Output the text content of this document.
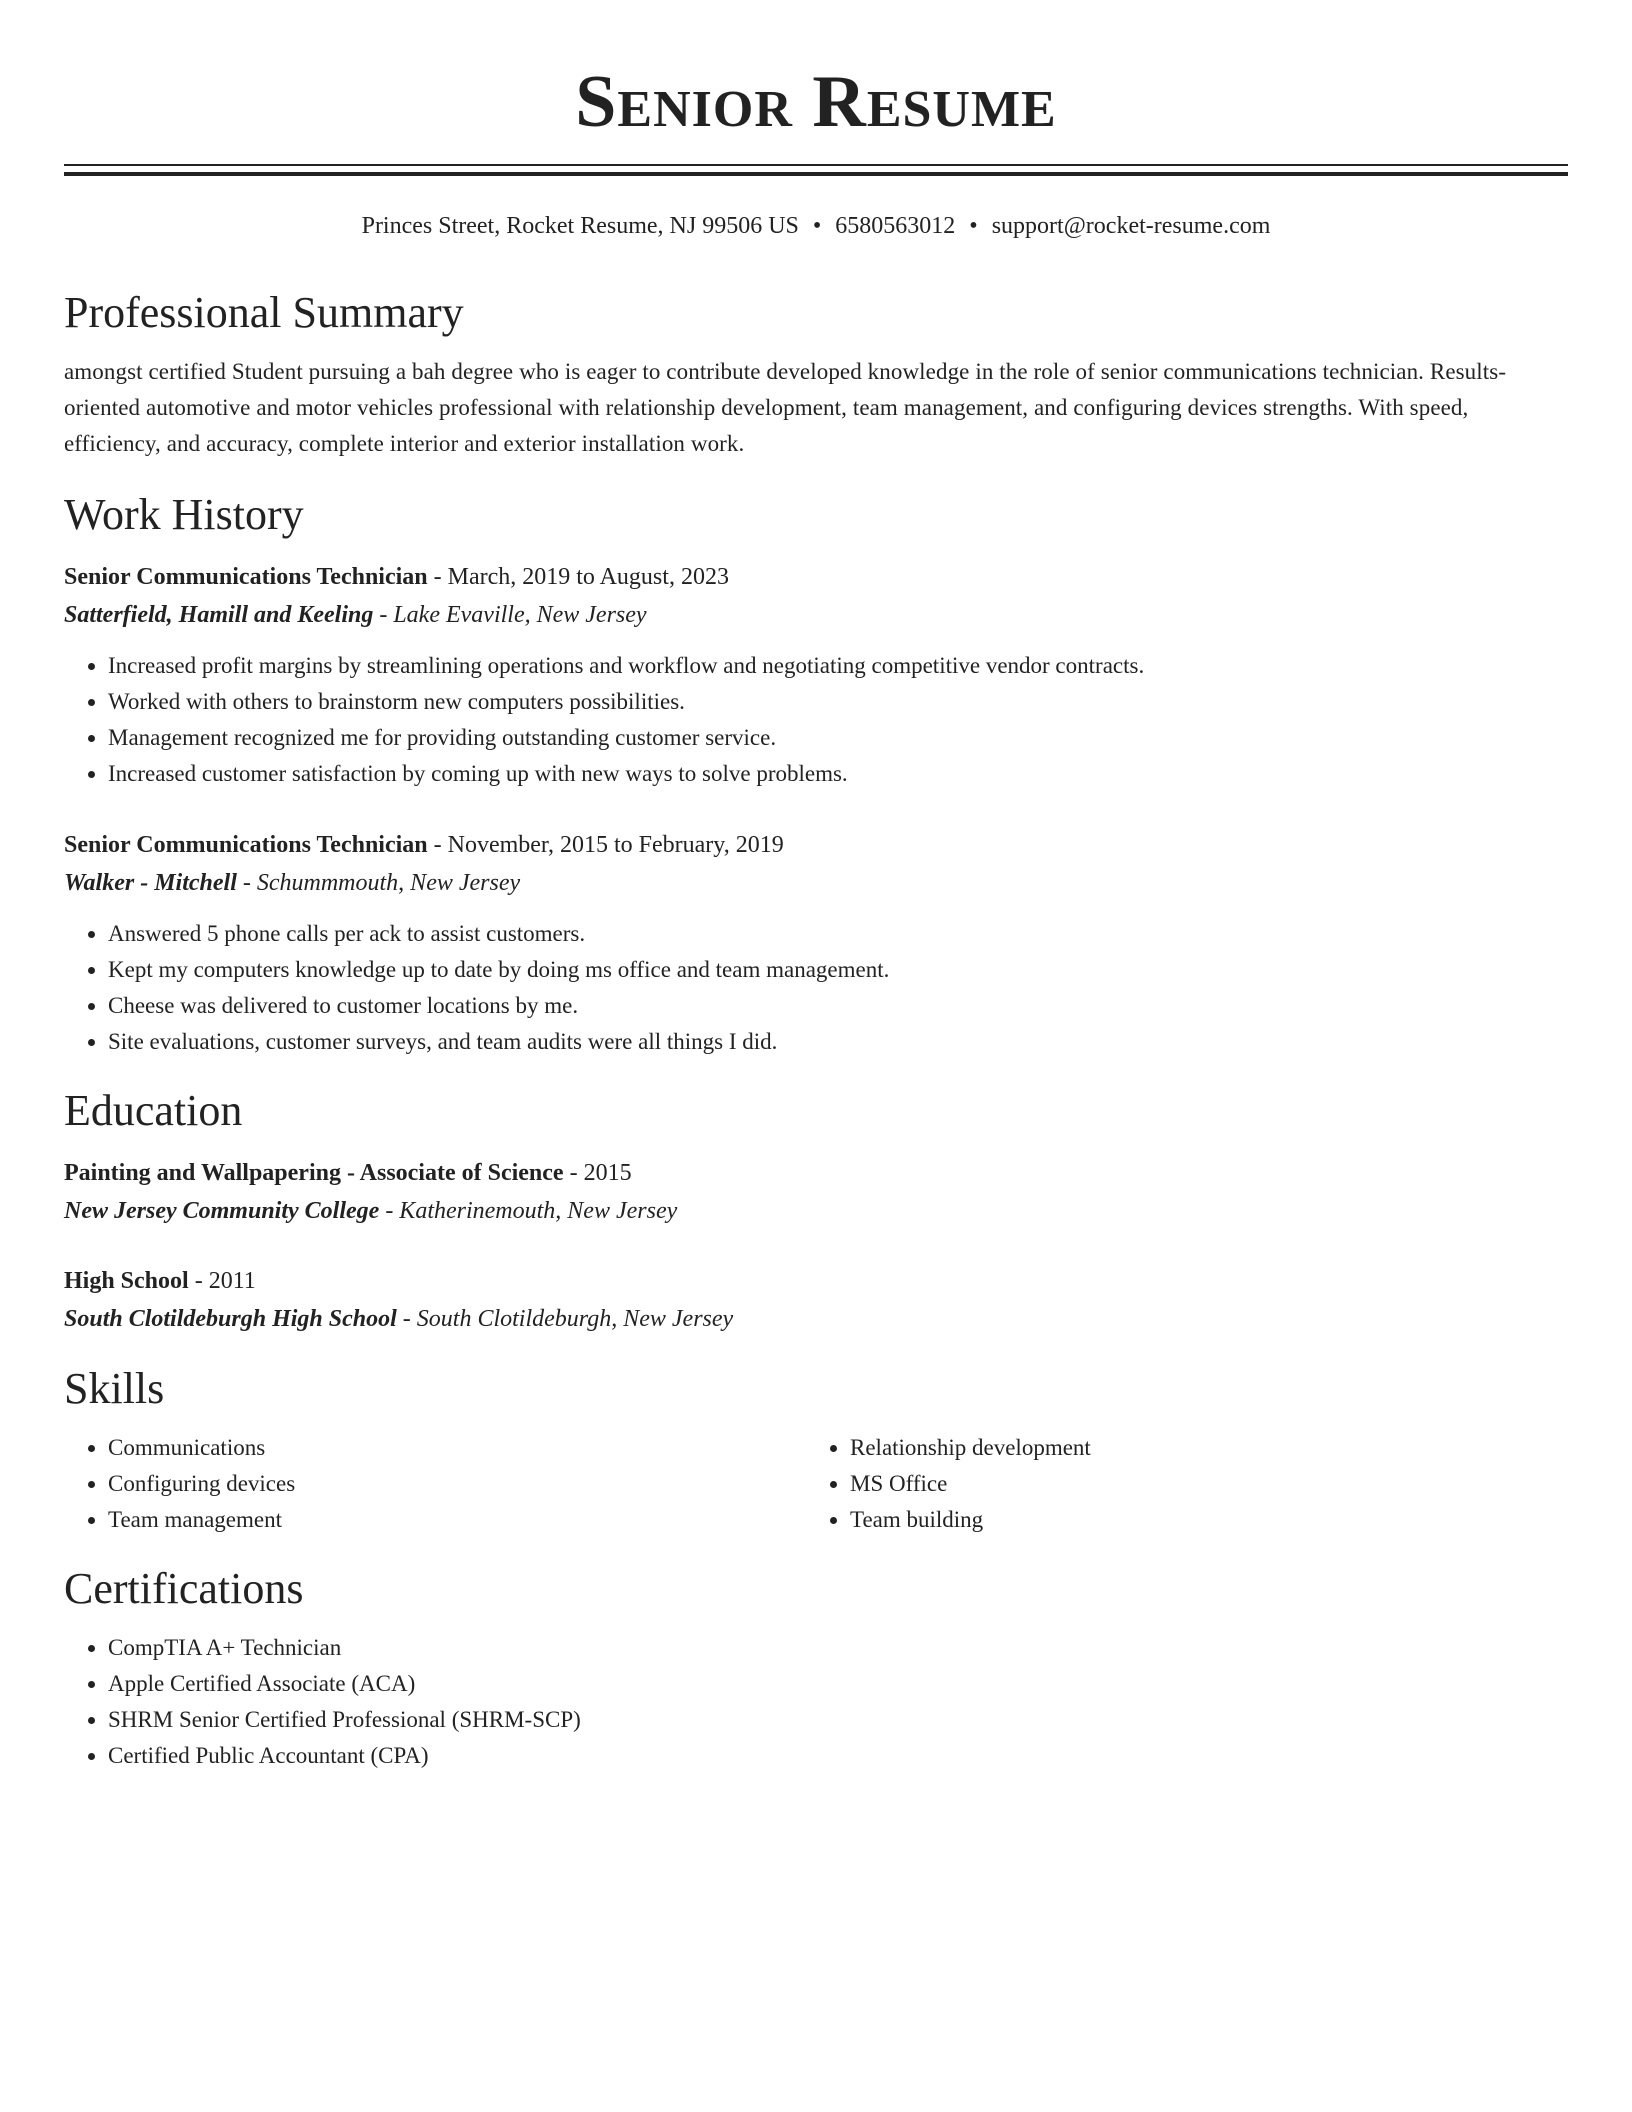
Senior Resume
Princes Street, Rocket Resume, NJ 99506 US • 6580563012 • support@rocket-resume.com
Professional Summary
amongst certified Student pursuing a bah degree who is eager to contribute developed knowledge in the role of senior communications technician. Results-oriented automotive and motor vehicles professional with relationship development, team management, and configuring devices strengths. With speed, efficiency, and accuracy, complete interior and exterior installation work.
Work History
Senior Communications Technician - March, 2019 to August, 2023
Satterfield, Hamill and Keeling - Lake Evaville, New Jersey
• Increased profit margins by streamlining operations and workflow and negotiating competitive vendor contracts.
• Worked with others to brainstorm new computers possibilities.
• Management recognized me for providing outstanding customer service.
• Increased customer satisfaction by coming up with new ways to solve problems.
Senior Communications Technician - November, 2015 to February, 2019
Walker - Mitchell - Schummmouth, New Jersey
• Answered 5 phone calls per ack to assist customers.
• Kept my computers knowledge up to date by doing ms office and team management.
• Cheese was delivered to customer locations by me.
• Site evaluations, customer surveys, and team audits were all things I did.
Education
Painting and Wallpapering - Associate of Science - 2015
New Jersey Community College - Katherinemouth, New Jersey
High School - 2011
South Clotildeburgh High School - South Clotildeburgh, New Jersey
Skills
• Communications
• Configuring devices
• Team management
• Relationship development
• MS Office
• Team building
Certifications
• CompTIA A+ Technician
• Apple Certified Associate (ACA)
• SHRM Senior Certified Professional (SHRM-SCP)
• Certified Public Accountant (CPA)
